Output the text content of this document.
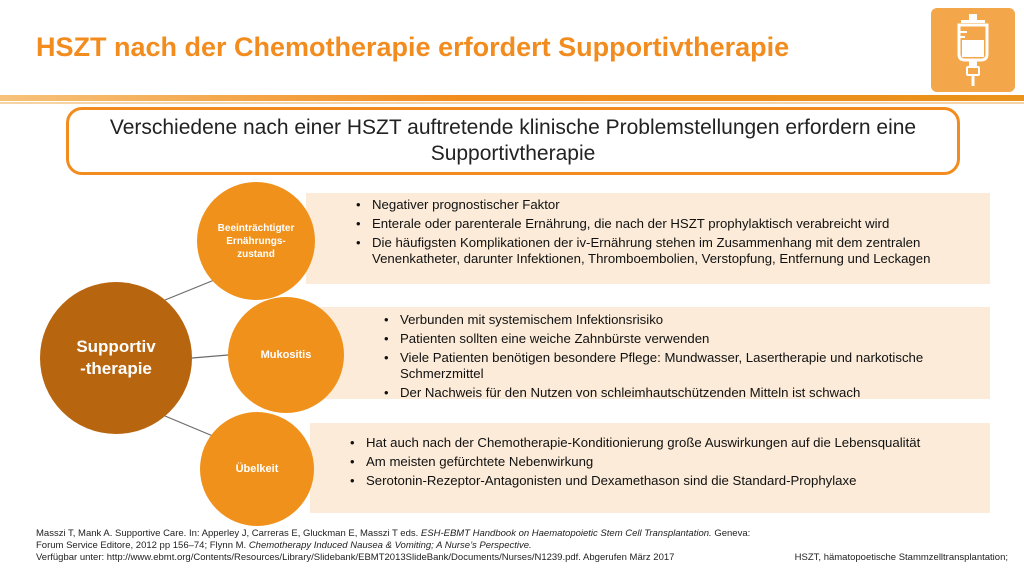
HSZT nach der Chemotherapie erfordert Supportivtherapie
Verschiedene nach einer HSZT auftretende klinische Problemstellungen erfordern eine Supportivtherapie
• Negativer prognostischer Faktor
• Enterale oder parenterale Ernährung, die nach der HSZT prophylaktisch verabreicht wird
• Die häufigsten Komplikationen der iv-Ernährung stehen im Zusammenhang mit dem zentralen Venenkatheter, darunter Infektionen, Thromboembolien, Verstopfung, Entfernung und Leckagen
• Verbunden mit systemischem Infektionsrisiko
• Patienten sollten eine weiche Zahnbürste verwenden
• Viele Patienten benötigen besondere Pflege: Mundwasser, Lasertherapie und narkotische Schmerzmittel
• Der Nachweis für den Nutzen von schleimhautschützenden Mitteln ist schwach
• Hat auch nach der Chemotherapie-Konditionierung große Auswirkungen auf die Lebensqualität
• Am meisten gefürchtete Nebenwirkung
• Serotonin-Rezeptor-Antagonisten und Dexamethason sind die Standard-Prophylaxe
Supportiv
-therapie
Beeinträchtigter
Ernährungs-
zustand
Mukositis
Übelkeit
Masszi T, Mank A. Supportive Care. In: Apperley J, Carreras E, Gluckman E, Masszi T eds. ESH-EBMT Handbook on Haematopoietic Stem Cell Transplantation. Geneva: Forum Service Editore, 2012 pp 156–74; Flynn M. Chemotherapy Induced Nausea & Vomiting; A Nurse’s Perspective.
Verfügbar unter: http://www.ebmt.org/Contents/Resources/Library/Slidebank/EBMT2013SlideBank/Documents/Nurses/N1239.pdf. Abgerufen März 2017	HSZT, hämatopoetische Stammzelltransplantation;
